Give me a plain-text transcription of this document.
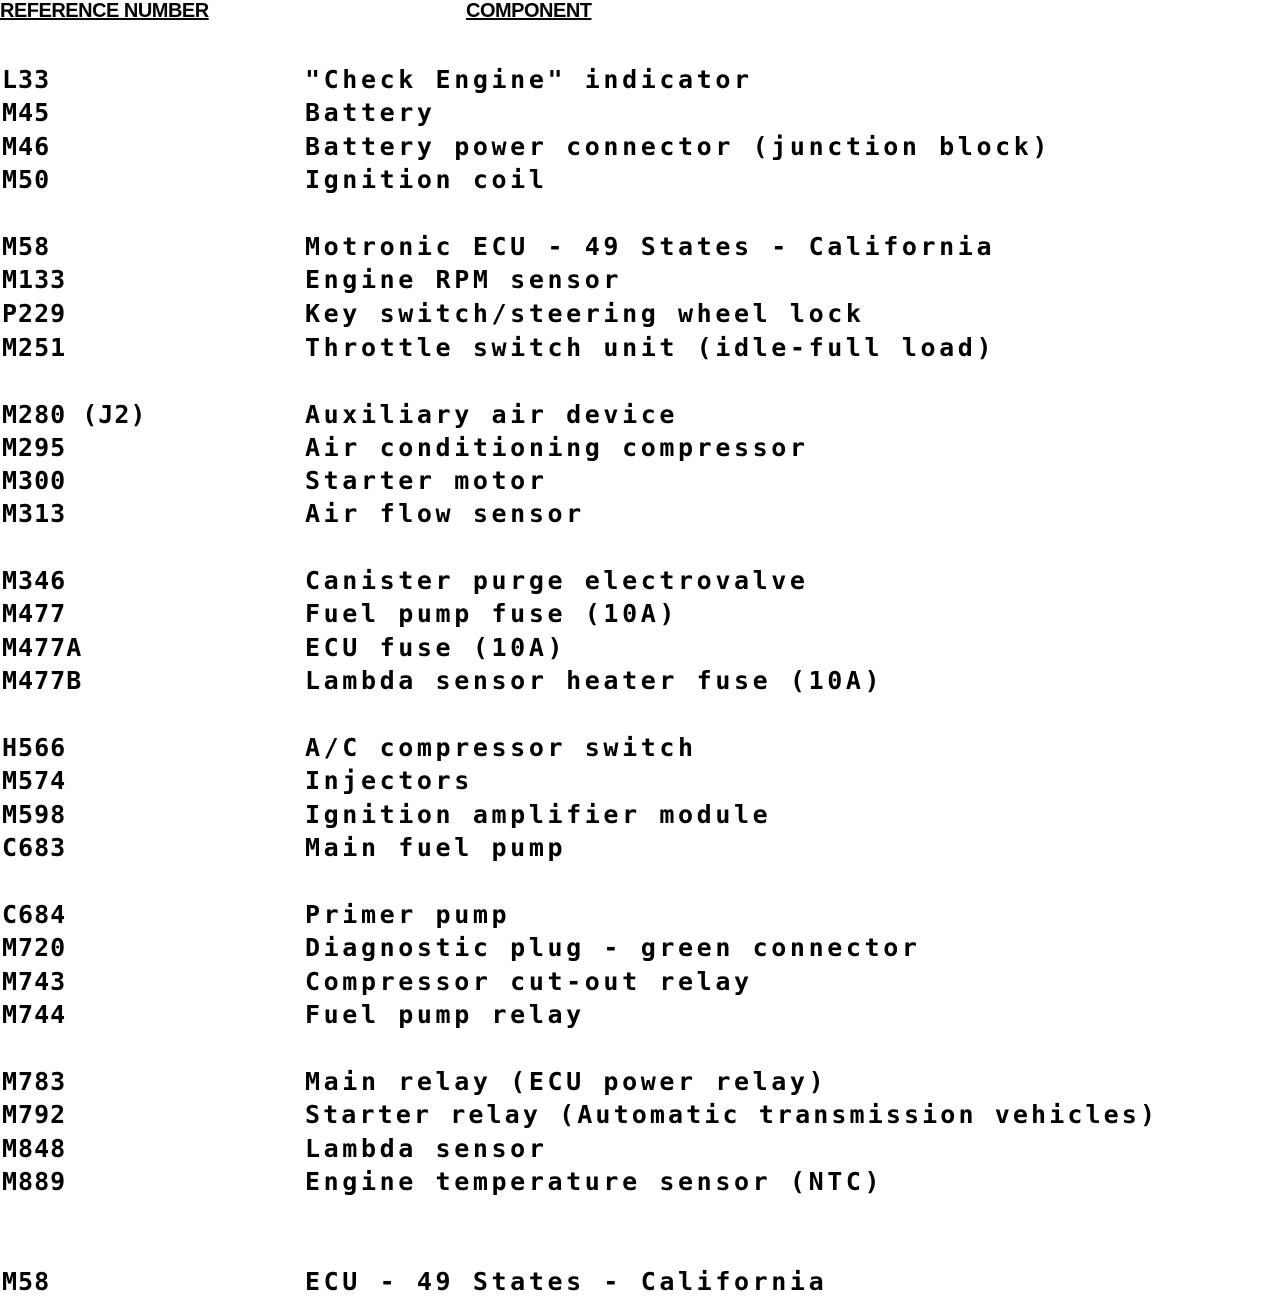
REFERENCE NUMBER	COMPONENT
L33	"Check Engine" indicator
M45	Battery
M46	Battery power connector (junction block)
M50	Ignition coil
M58	Motronic ECU - 49 States - California
M133	Engine RPM sensor
P229	Key switch/steering wheel lock
M251	Throttle switch unit (idle-full load)
M280 (J2)	Auxiliary air device
M295	Air conditioning compressor
M300	Starter motor
M313	Air flow sensor
M346	Canister purge electrovalve
M477	Fuel pump fuse (10A)
M477A	ECU fuse (10A)
M477B	Lambda sensor heater fuse (10A)
H566	A/C compressor switch
M574	Injectors
M598	Ignition amplifier module
C683	Main fuel pump
C684	Primer pump
M720	Diagnostic plug - green connector
M743	Compressor cut-out relay
M744	Fuel pump relay
M783	Main relay (ECU power relay)
M792	Starter relay (Automatic transmission vehicles)
M848	Lambda sensor
M889	Engine temperature sensor (NTC)
M58	ECU - 49 States - California
